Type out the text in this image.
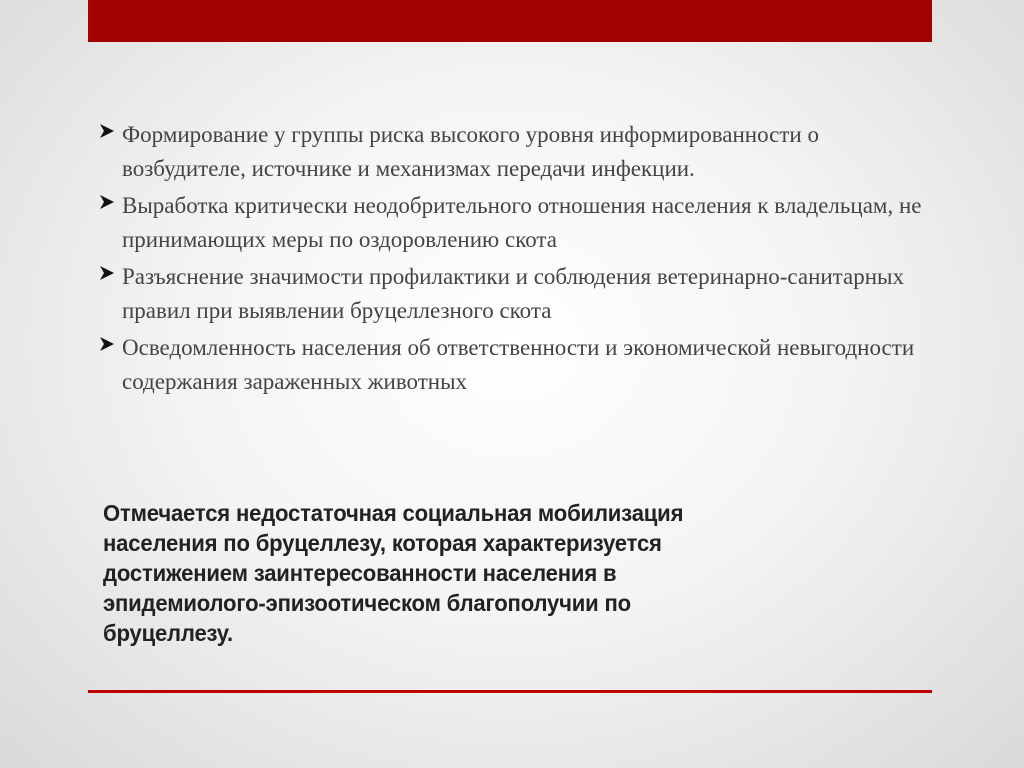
Формирование у группы риска высокого уровня информированности о возбудителе, источнике и механизмах передачи инфекции.
Выработка критически неодобрительного отношения населения к владельцам, не принимающих меры по оздоровлению скота
Разъяснение значимости профилактики и соблюдения ветеринарно-санитарных правил при выявлении бруцеллезного скота
Осведомленность населения об ответственности и экономической невыгодности содержания зараженных животных

Отмечается недостаточная социальная мобилизация населения по бруцеллезу, которая характеризуется достижением заинтересованности населения в эпидемиолого-эпизоотическом благополучии по бруцеллезу.
